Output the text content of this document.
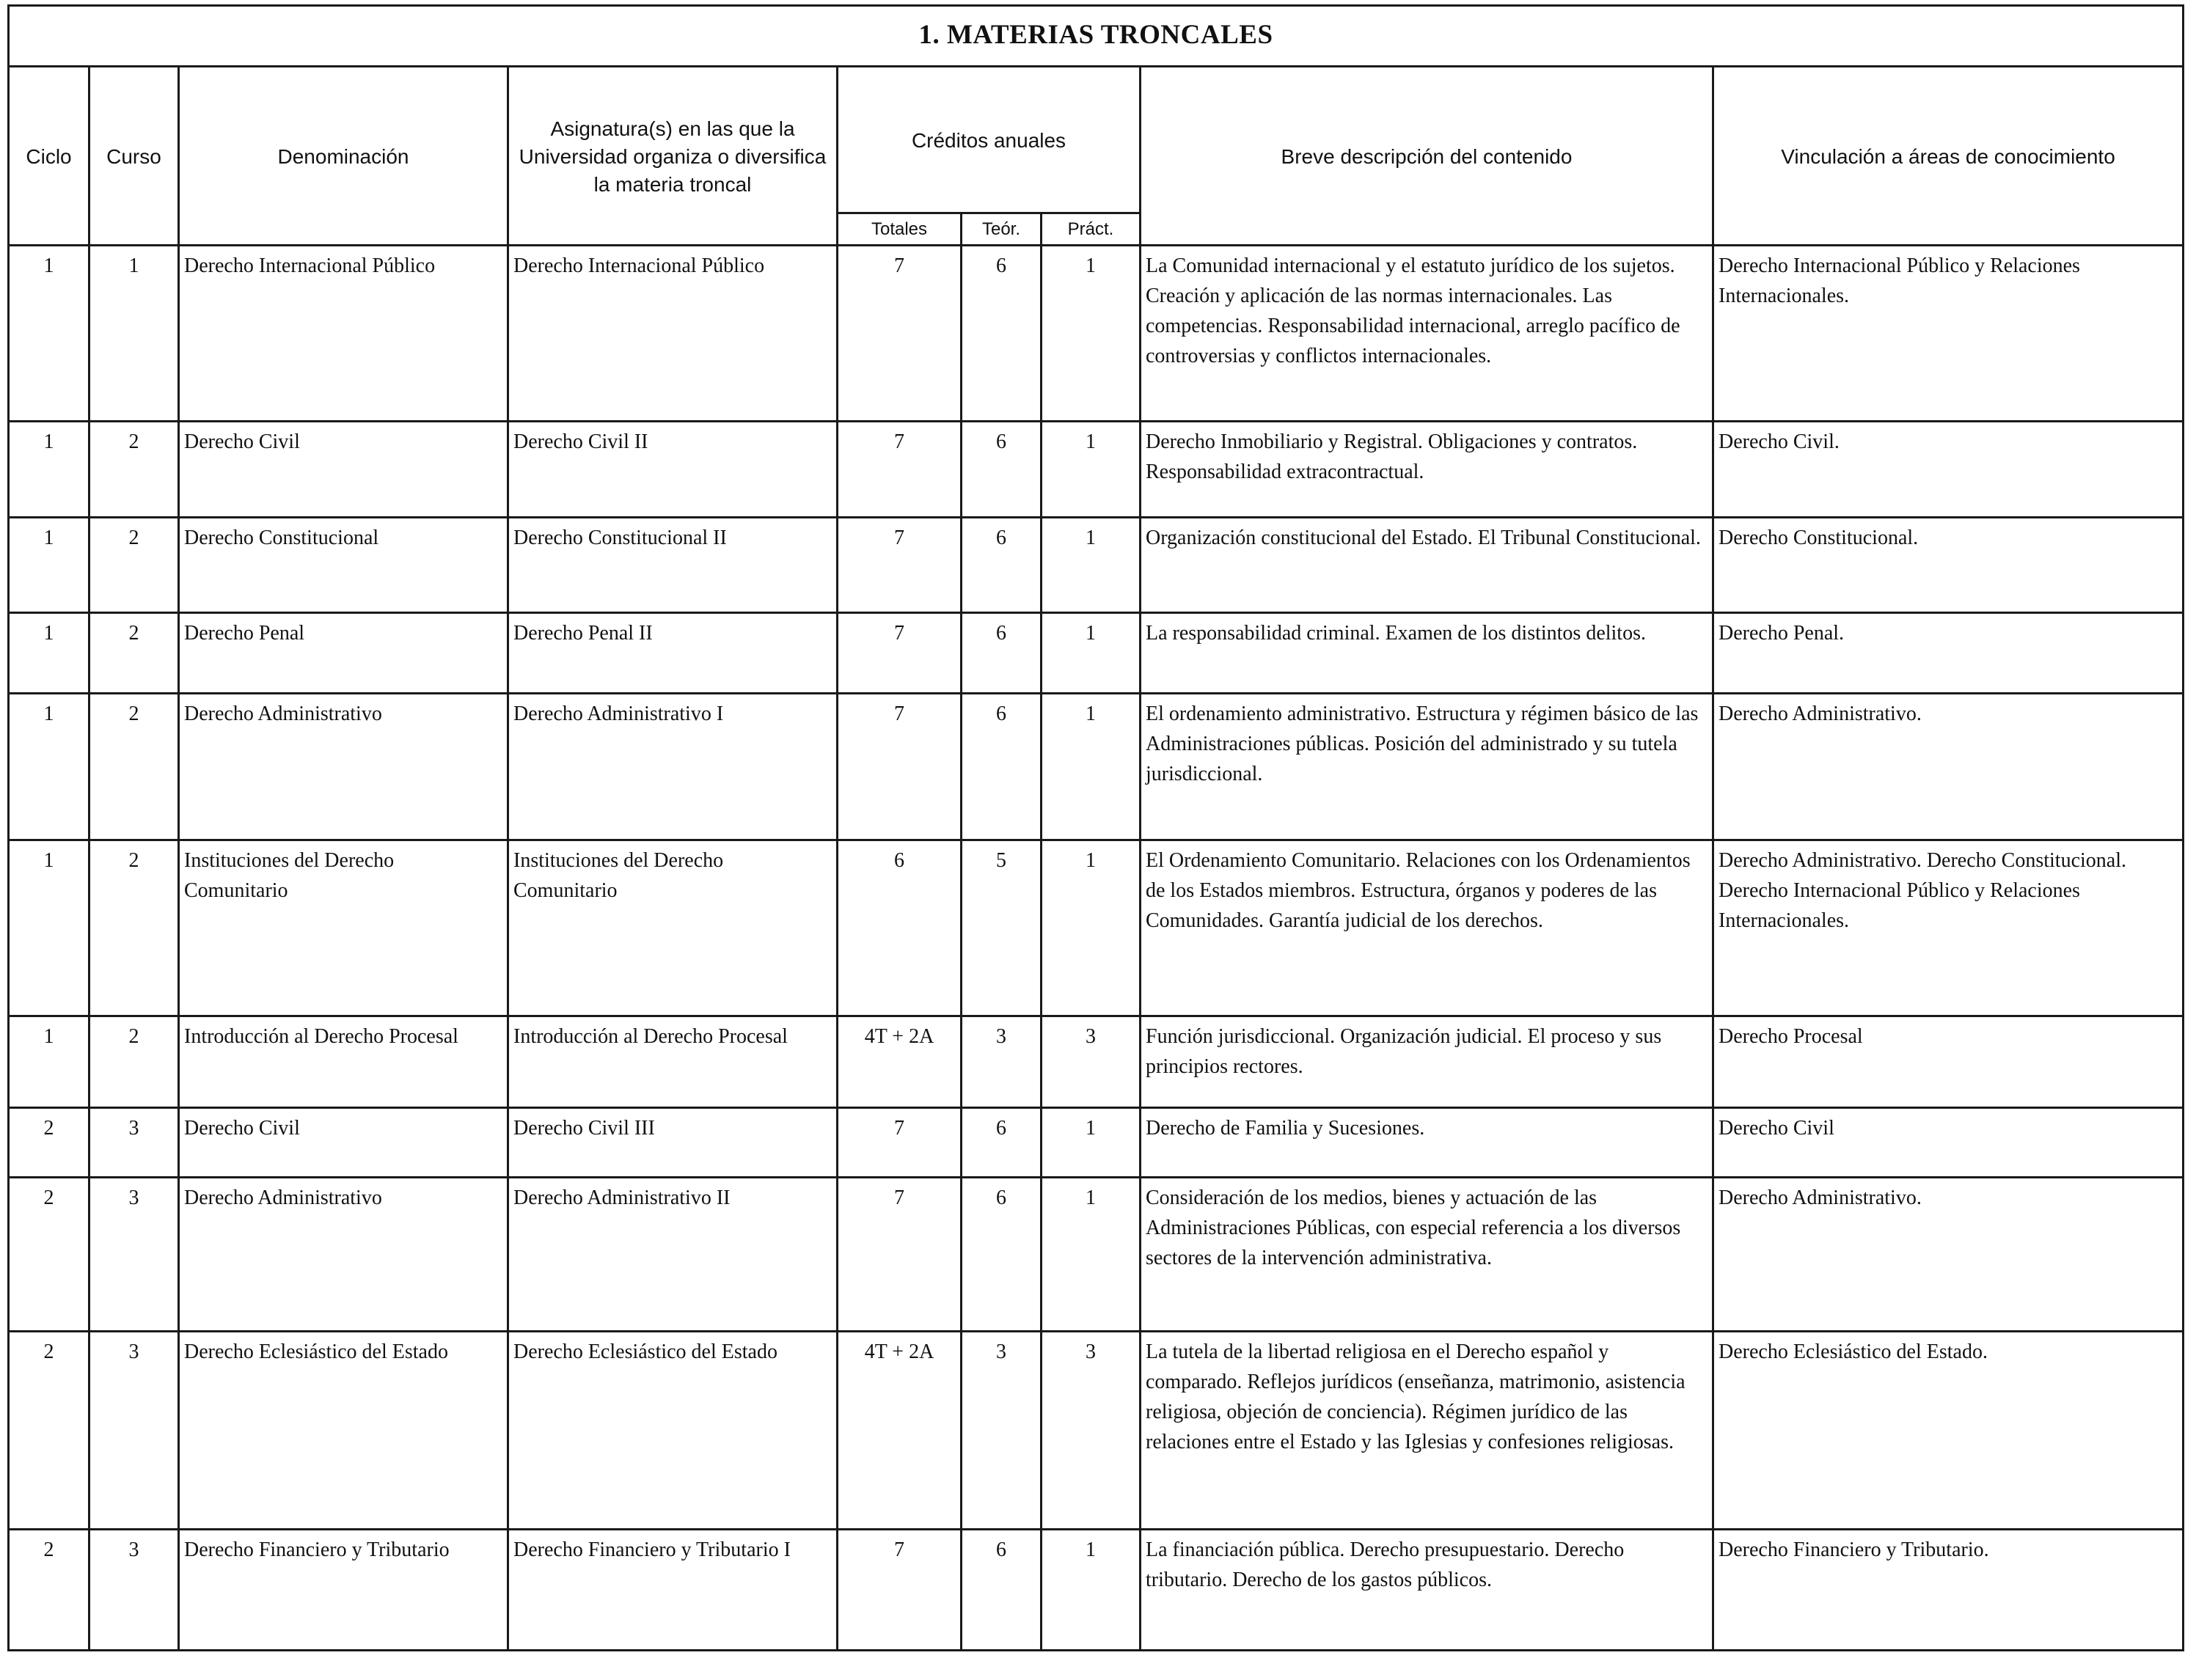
1. MATERIAS TRONCALES								
Ciclo	Curso	Denominación	Asignatura(s) en las que la Universidad organiza o diversifica la materia troncal	Créditos anuales			Breve descripción del contenido	Vinculación a áreas de conocimiento
				Totales	Teór.	Práct.		
1	1	Derecho Internacional Público	Derecho Internacional Público	7	6	1	La Comunidad internacional y el estatuto jurídico de los sujetos. Creación y aplicación de las normas internacionales. Las competencias. Responsabilidad internacional, arreglo pacífico de controversias y conflictos internacionales.	Derecho Internacional Público y Relaciones Internacionales.
1	2	Derecho Civil	Derecho Civil II	7	6	1	Derecho Inmobiliario y Registral. Obligaciones y contratos. Responsabilidad extracontractual.	Derecho Civil.
1	2	Derecho Constitucional	Derecho Constitucional II	7	6	1	Organización constitucional del Estado. El Tribunal Constitucional.	Derecho Constitucional.
1	2	Derecho Penal	Derecho Penal II	7	6	1	La responsabilidad criminal. Examen de los distintos delitos.	Derecho Penal.
1	2	Derecho Administrativo	Derecho Administrativo I	7	6	1	El ordenamiento administrativo. Estructura y régimen básico de las Administraciones públicas. Posición del administrado y su tutela jurisdiccional.	Derecho Administrativo.
1	2	Instituciones del Derecho Comunitario	Instituciones del Derecho Comunitario	6	5	1	El Ordenamiento Comunitario. Relaciones con los Ordenamientos de los Estados miembros. Estructura, órganos y poderes de las Comunidades. Garantía judicial de los derechos.	Derecho Administrativo. Derecho Constitucional. Derecho Internacional Público y Relaciones Internacionales.
1	2	Introducción al Derecho Procesal	Introducción al Derecho Procesal	4T + 2A	3	3	Función jurisdiccional. Organización judicial. El proceso y sus principios rectores.	Derecho Procesal
2	3	Derecho Civil	Derecho Civil III	7	6	1	Derecho de Familia y Sucesiones.	Derecho Civil
2	3	Derecho Administrativo	Derecho Administrativo II	7	6	1	Consideración de los medios, bienes y actuación de las Administraciones Públicas, con especial referencia a los diversos sectores de la intervención administrativa.	Derecho Administrativo.
2	3	Derecho Eclesiástico del Estado	Derecho Eclesiástico del Estado	4T + 2A	3	3	La tutela de la libertad religiosa en el Derecho español y comparado. Reflejos jurídicos (enseñanza, matrimonio, asistencia religiosa, objeción de conciencia). Régimen jurídico de las relaciones entre el Estado y las Iglesias y confesiones religiosas.	Derecho Eclesiástico del Estado.
2	3	Derecho Financiero y Tributario	Derecho Financiero y Tributario I	7	6	1	La financiación pública. Derecho presupuestario. Derecho tributario. Derecho de los gastos públicos.	Derecho Financiero y Tributario.
